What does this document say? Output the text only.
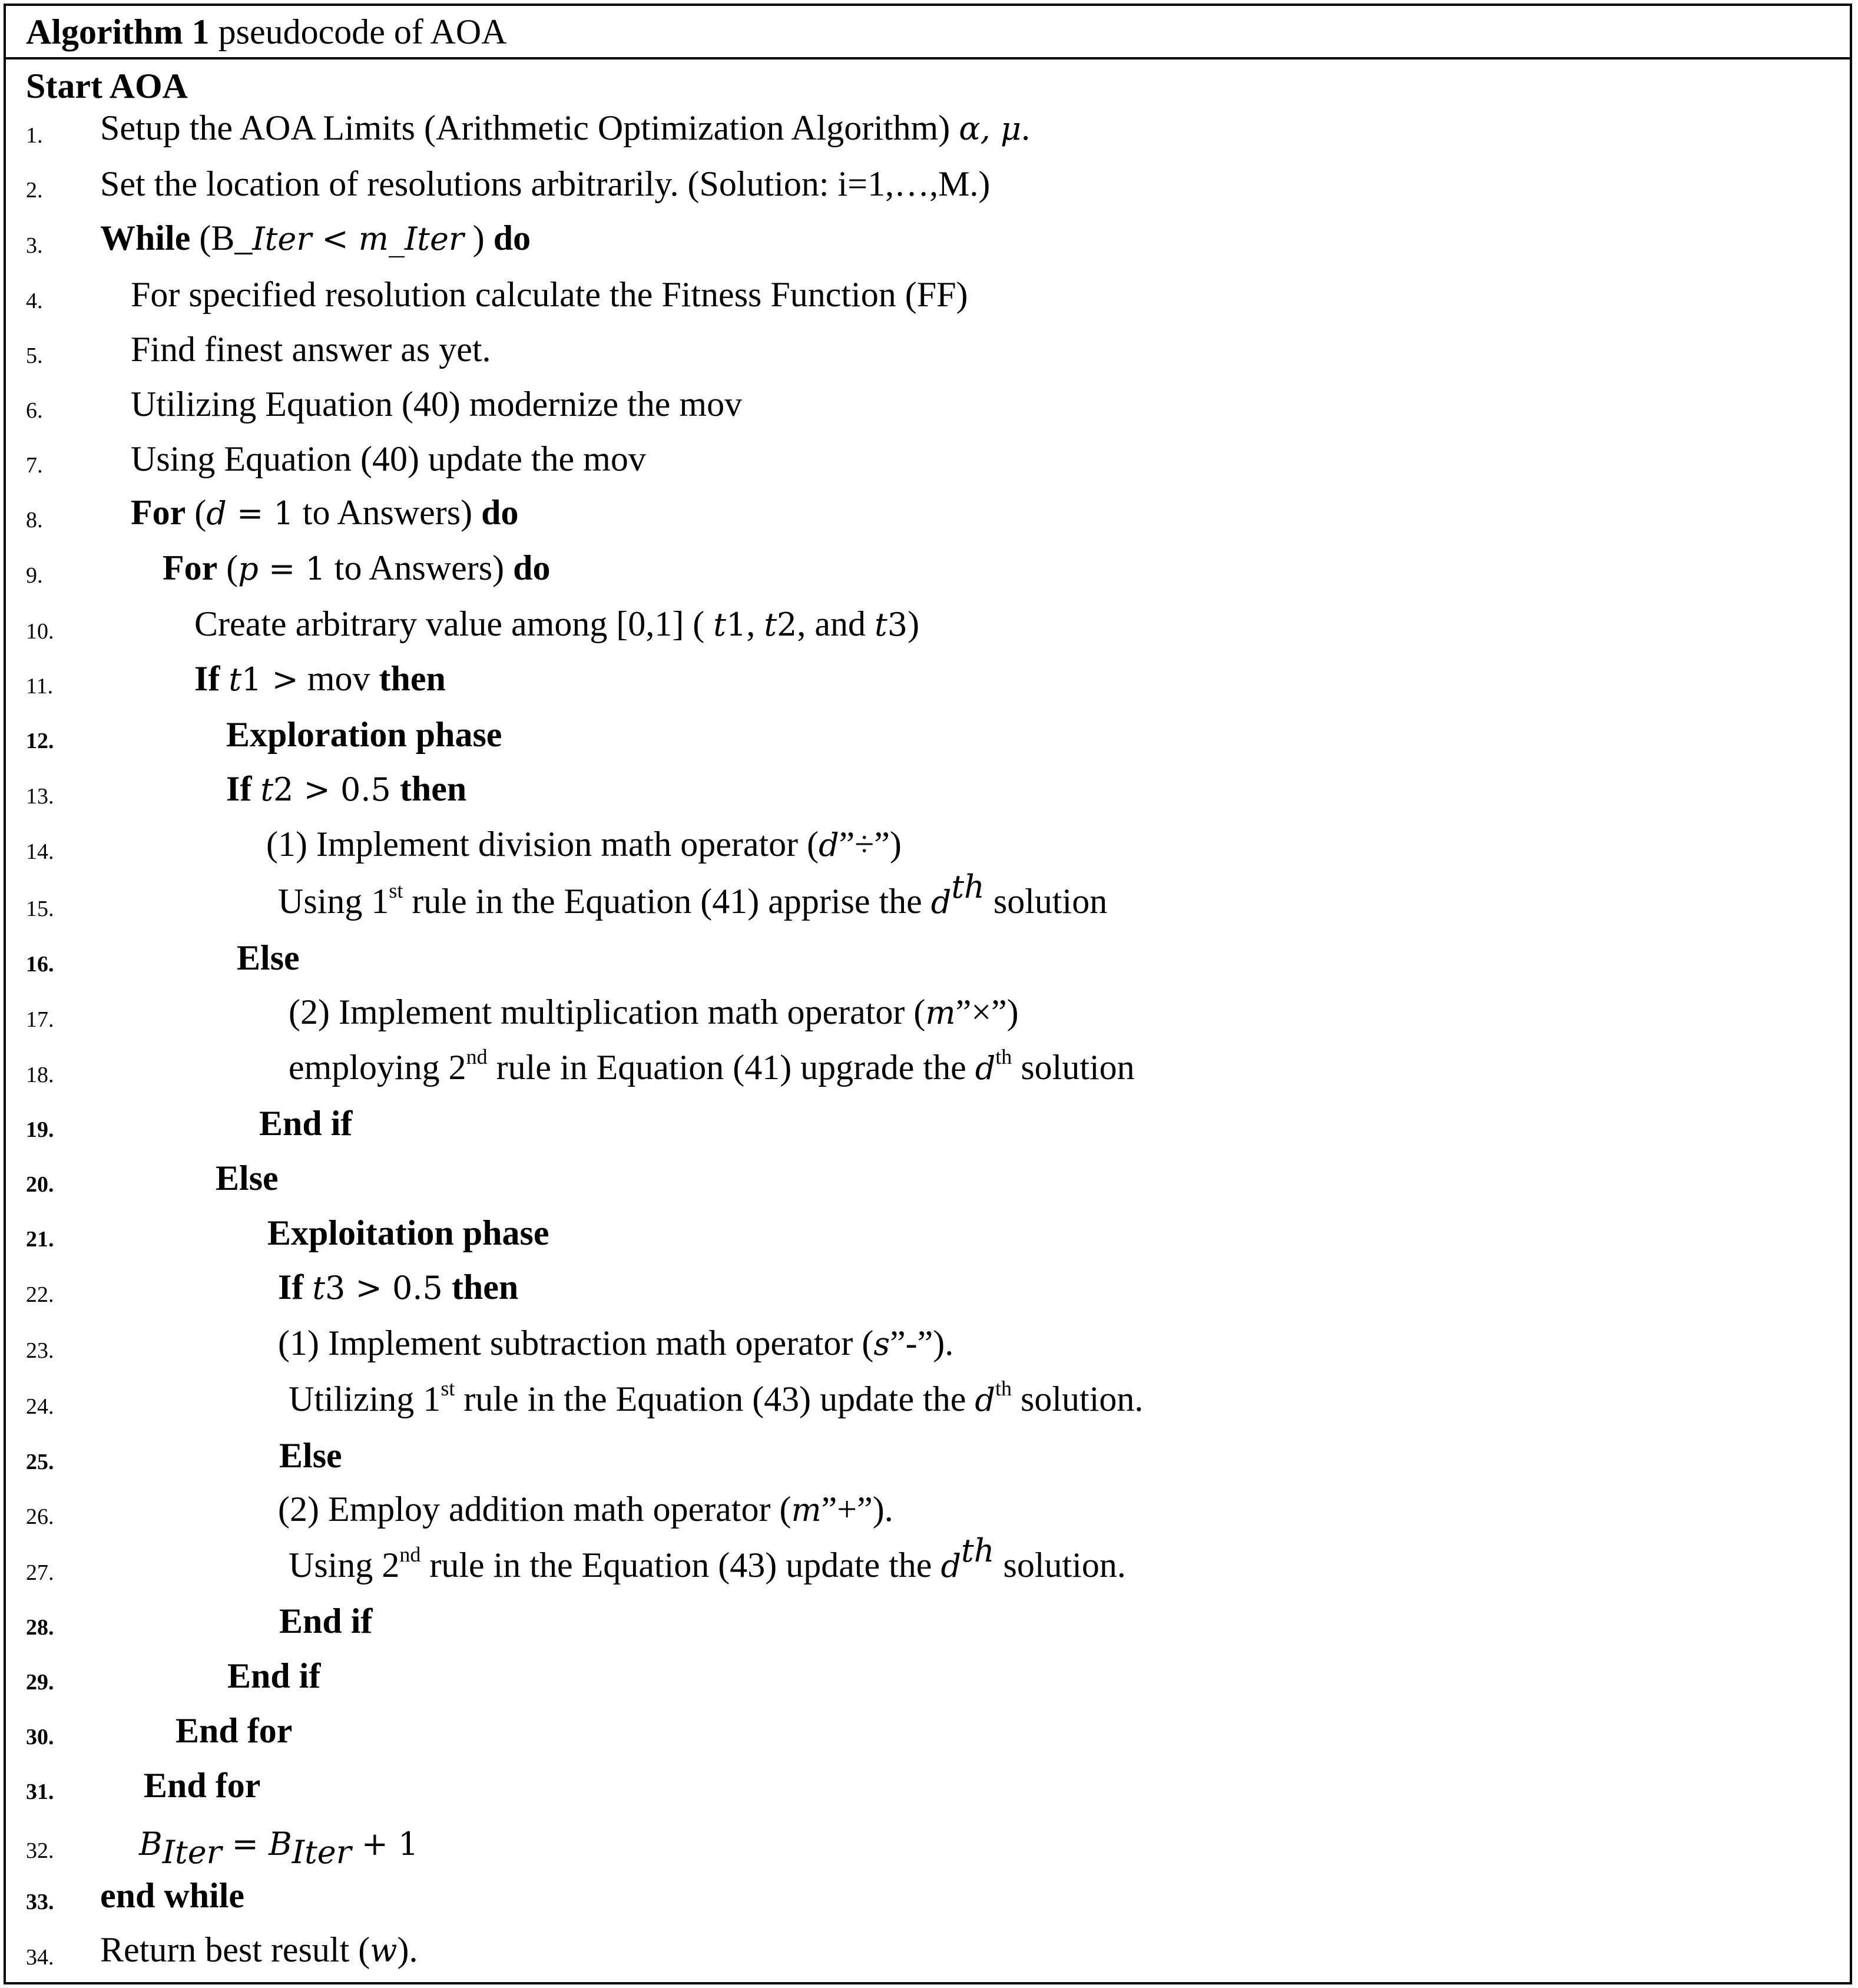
Algorithm 1 pseudocode of AOA
Start AOA
1. Setup the AOA Limits (Arithmetic Optimization Algorithm) α, μ.
2. Set the location of resolutions arbitrarily. (Solution: i=1,…,M.)
3. While (B_Iter < m_Iter ) do
4. For specified resolution calculate the Fitness Function (FF)
5. Find finest answer as yet.
6. Utilizing Equation (40) modernize the mov
7. Using Equation (40) update the mov
8. For (d = 1 to Answers) do
9.	For (p = 1 to Answers) do
10.	Create arbitrary value among [0,1] ( t1, t2, and t3)
11.	If t1 > mov then
12.	Exploration phase
13.	If t2 > 0.5 then
14.	(1) Implement division math operator (d”÷”)
15.	Using 1st rule in the Equation (41) apprise the $d^{th}$ solution
16.	Else
17.	(2) Implement multiplication math operator (m”×”)
18.	employing 2nd rule in Equation (41) upgrade the $d^{th}$ solution
19.	End if
20.	Else
21.	Exploitation phase
22.	If t3 > 0.5 then
23.	(1) Implement subtraction math operator (s”-”).
24.	Utilizing 1st rule in the Equation (43) update the $d^{th}$ solution.
25.	Else
26.	(2) Employ addition math operator (m”+”).
27.	Using 2nd rule in the Equation (43) update the $d^{th}$ solution.
28.	End if
29.	End if
30.	End for
31.	End for
32.	$B_{Iter} = B_{Iter} + 1$
33. end while
34. Return best result (w).
